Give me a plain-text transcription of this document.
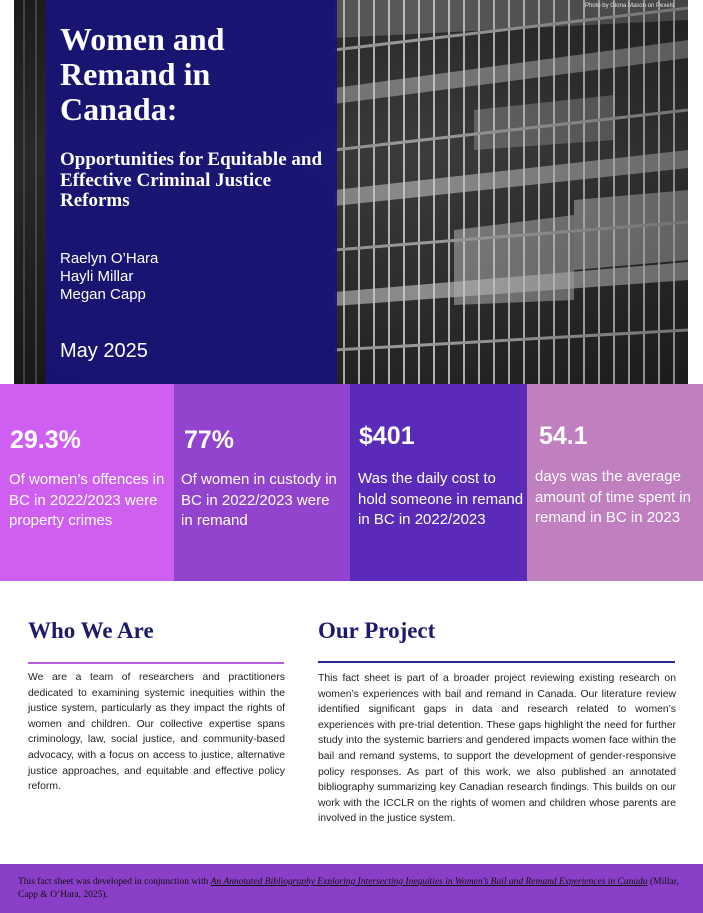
Photo by Giona Mason on Pexels
Women and Remand in Canada:
Opportunities for Equitable and Effective Criminal Justice Reforms
Raelyn O’Hara
Hayli Millar
Megan Capp
May 2025
29.3%
Of women’s offences in BC in 2022/2023 were property crimes
77%
Of women in custody in BC in 2022/2023 were in remand
$401
Was the daily cost to hold someone in remand in BC in 2022/2023
54.1
days was the average amount of time spent in remand in BC in 2023
Who We Are

We are a team of researchers and practitioners dedicated to examining systemic inequities within the justice system, particularly as they impact the rights of women and children. Our collective expertise spans criminology, law, social justice, and community-based advocacy, with a focus on access to justice, alternative justice approaches, and equitable and effective policy reform.

Our Project

This fact sheet is part of a broader project reviewing existing research on women’s experiences with bail and remand in Canada. Our literature review identified significant gaps in data and research related to women’s experiences with pre-trial detention. These gaps highlight the need for further study into the systemic barriers and gendered impacts women face within the bail and remand systems, to support the development of gender-responsive policy responses. As part of this work, we also published an annotated bibliography summarizing key Canadian research findings. This builds on our work with the ICCLR on the rights of women and children whose parents are involved in the justice system.

This fact sheet was developed in conjunction with An Annotated Bibliography Exploring Intersecting Inequities in Women’s Bail and Remand Experiences in Canada (Millar, Capp & O’Hara, 2025).
